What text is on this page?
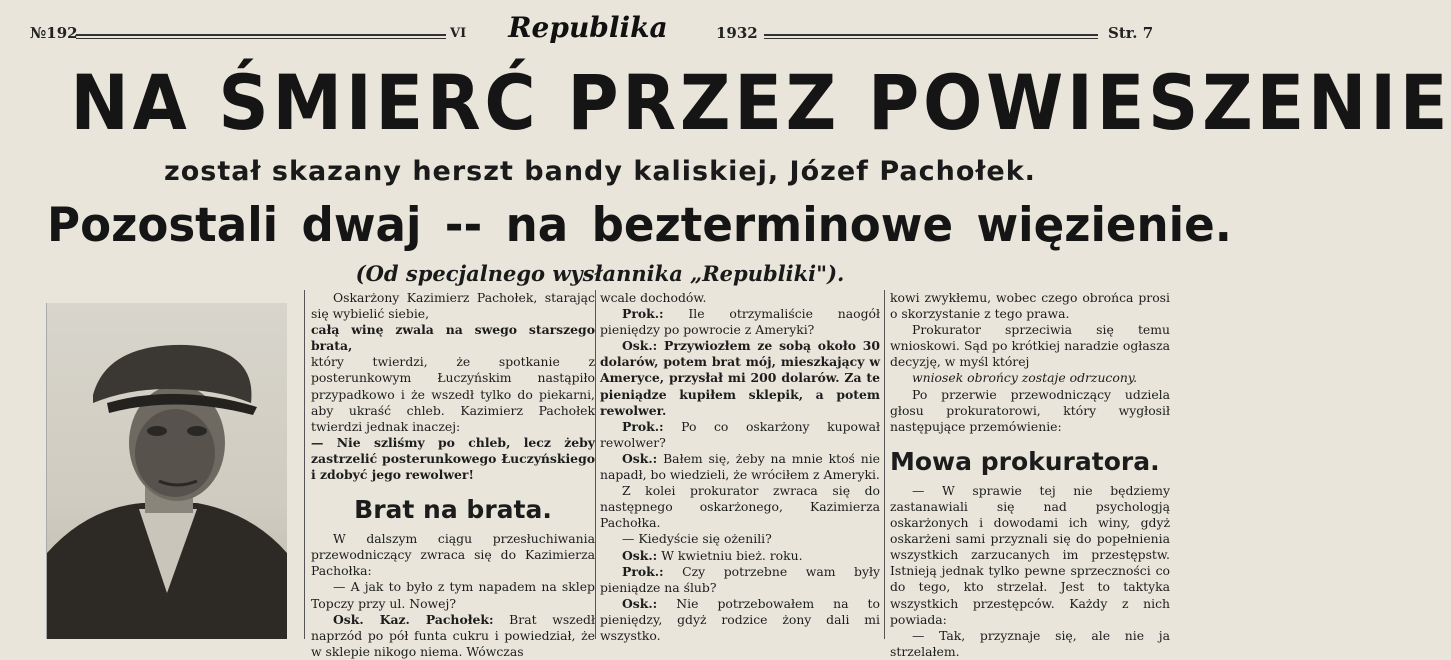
№192	VI	Republika	1932	Str. 7
NA ŚMIERĆ PRZEZ POWIESZENIE
został skazany herszt bandy kaliskiej, Józef Pachołek.
Pozostali dwaj -- na bezterminowe więzienie.
(Od specjalnego wysłannika „Republiki").

Oskarżony Kazimierz Pachołek, starając się wybielić siebie,

całą winę zwala na swego starszego brata,

który twierdzi, że spotkanie z posterunkowym Łuczyńskim nastąpiło przypadkowo i że wszedł tylko do piekarni, aby ukraść chleb. Kazimierz Pachołek twierdzi jednak inaczej:

— Nie szliśmy po chleb, lecz żeby zastrzelić posterunkowego Łuczyńskiego i zdobyć jego rewolwer!

Brat na brata.

W dalszym ciągu przesłuchiwania przewodniczący zwraca się do Kazimierza Pachołka:

— A jak to było z tym napadem na sklep Topczy przy ul. Nowej?

Osk. Kaz. Pachołek: Brat wszedł naprzód po pół funta cukru i powiedział, że w sklepie nikogo niema. Wówczas

wcale dochodów.

Prok.: Ile otrzymaliście naogół pieniędzy po powrocie z Ameryki?

Osk.: Przywiozłem ze sobą około 30 dolarów, potem brat mój, mieszkający w Ameryce, przysłał mi 200 dolarów. Za te pieniądze kupiłem sklepik, a potem rewolwer.

Prok.: Po co oskarżony kupował rewolwer?

Osk.: Bałem się, żeby na mnie ktoś nie napadł, bo wiedzieli, że wróciłem z Ameryki.

Z kolei prokurator zwraca się do następnego oskarżonego, Kazimierza Pachołka.

— Kiedyście się ożenili?

Osk.: W kwietniu bież. roku.

Prok.: Czy potrzebne wam były pieniądze na ślub?

Osk.: Nie potrzebowałem na to pieniędzy, gdyż rodzice żony dali mi wszystko.

kowi zwykłemu, wobec czego obrońca prosi o skorzystanie z tego prawa.

Prokurator sprzeciwia się temu wnioskowi. Sąd po krótkiej naradzie ogłasza decyzję, w myśl której

wniosek obrońcy zostaje odrzucony.

Po przerwie przewodniczący udziela głosu prokuratorowi, który wygłosił następujące przemówienie:

Mowa prokuratora.

— W sprawie tej nie będziemy zastanawiali się nad psychologją oskarżonych i dowodami ich winy, gdyż oskarżeni sami przyznali się do popełnienia wszystkich zarzucanych im przestępstw. Istnieją jednak tylko pewne sprzeczności co do tego, kto strzelał. Jest to taktyka wszystkich przestępców. Każdy z nich powiada:

— Tak, przyznaje się, ale nie ja strzelałem.
